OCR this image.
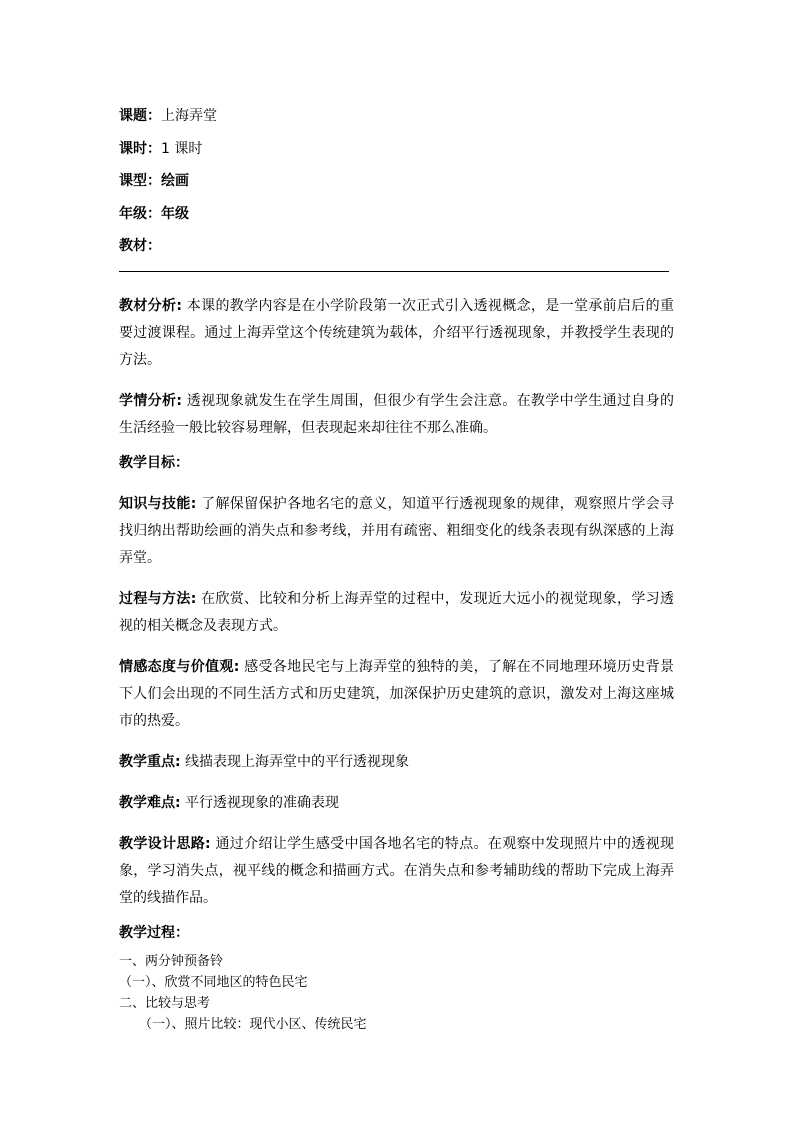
课题：上海弄堂
课时：1 课时
课型：绘画
年级：年级
教材：

教材分析: 本课的教学内容是在小学阶段第一次正式引入透视概念，是一堂承前启后的重要过渡课程。通过上海弄堂这个传统建筑为载体，介绍平行透视现象，并教授学生表现的方法。

学情分析: 透视现象就发生在学生周围，但很少有学生会注意。在教学中学生通过自身的生活经验一般比较容易理解，但表现起来却往往不那么准确。

教学目标：

知识与技能: 了解保留保护各地名宅的意义，知道平行透视现象的规律，观察照片学会寻找归纳出帮助绘画的消失点和参考线，并用有疏密、粗细变化的线条表现有纵深感的上海弄堂。

过程与方法: 在欣赏、比较和分析上海弄堂的过程中，发现近大远小的视觉现象，学习透视的相关概念及表现方式。

情感态度与价值观: 感受各地民宅与上海弄堂的独特的美，了解在不同地理环境历史背景下人们会出现的不同生活方式和历史建筑，加深保护历史建筑的意识，激发对上海这座城市的热爱。

教学重点: 线描表现上海弄堂中的平行透视现象

教学难点: 平行透视现象的准确表现

教学设计思路: 通过介绍让学生感受中国各地名宅的特点。在观察中发现照片中的透视现象，学习消失点，视平线的概念和描画方式。在消失点和参考辅助线的帮助下完成上海弄堂的线描作品。

教学过程：

一、两分钟预备铃
（一）、欣赏不同地区的特色民宅
二、比较与思考
（一）、照片比较：现代小区、传统民宅
